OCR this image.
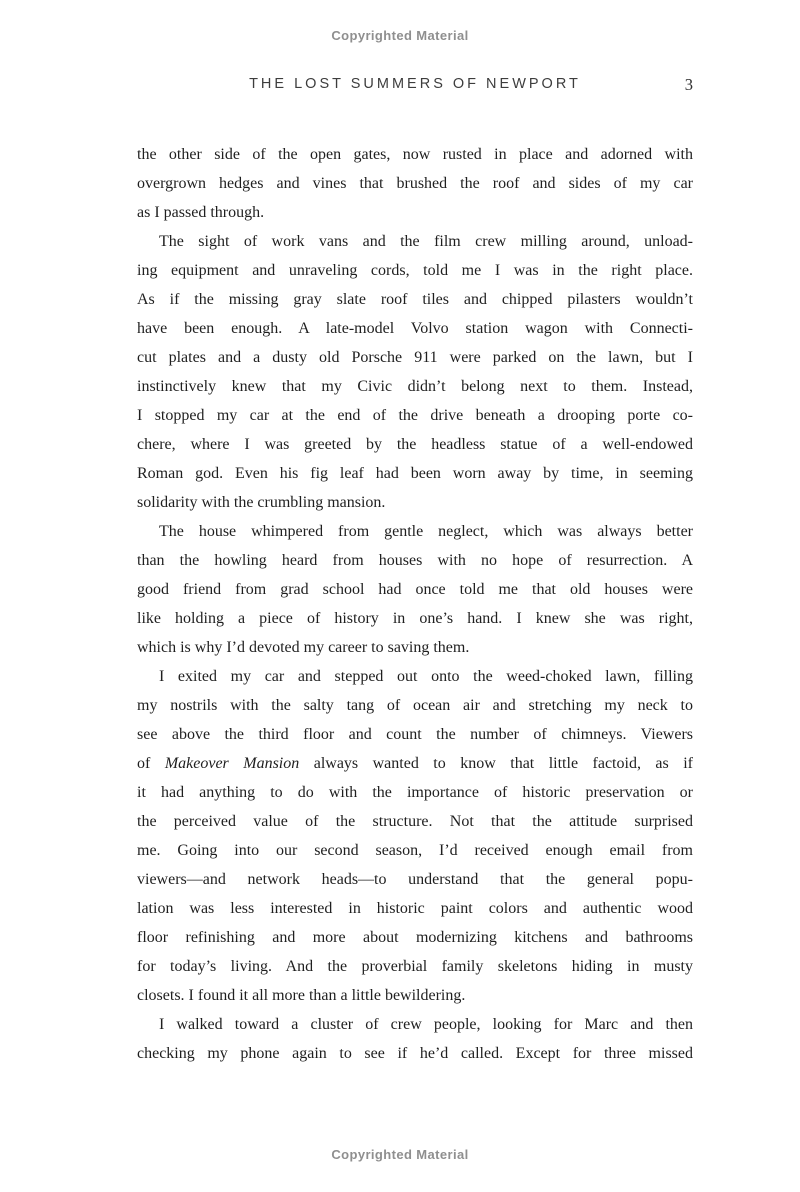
Copyrighted Material
THE LOST SUMMERS OF NEWPORT	3
the other side of the open gates, now rusted in place and adorned with
overgrown hedges and vines that brushed the roof and sides of my car
as I passed through.
The sight of work vans and the film crew milling around, unload-
ing equipment and unraveling cords, told me I was in the right place.
As if the missing gray slate roof tiles and chipped pilasters wouldn’t
have been enough. A late-model Volvo station wagon with Connecti-
cut plates and a dusty old Porsche 911 were parked on the lawn, but I
instinctively knew that my Civic didn’t belong next to them. Instead,
I stopped my car at the end of the drive beneath a drooping porte co-
chere, where I was greeted by the headless statue of a well-endowed
Roman god. Even his fig leaf had been worn away by time, in seeming
solidarity with the crumbling mansion.
The house whimpered from gentle neglect, which was always better
than the howling heard from houses with no hope of resurrection. A
good friend from grad school had once told me that old houses were
like holding a piece of history in one’s hand. I knew she was right,
which is why I’d devoted my career to saving them.
I exited my car and stepped out onto the weed-choked lawn, filling
my nostrils with the salty tang of ocean air and stretching my neck to
see above the third floor and count the number of chimneys. Viewers
of Makeover Mansion always wanted to know that little factoid, as if
it had anything to do with the importance of historic preservation or
the perceived value of the structure. Not that the attitude surprised
me. Going into our second season, I’d received enough email from
viewers—and network heads—to understand that the general popu-
lation was less interested in historic paint colors and authentic wood
floor refinishing and more about modernizing kitchens and bathrooms
for today’s living. And the proverbial family skeletons hiding in musty
closets. I found it all more than a little bewildering.
I walked toward a cluster of crew people, looking for Marc and then
checking my phone again to see if he’d called. Except for three missed
Copyrighted Material
